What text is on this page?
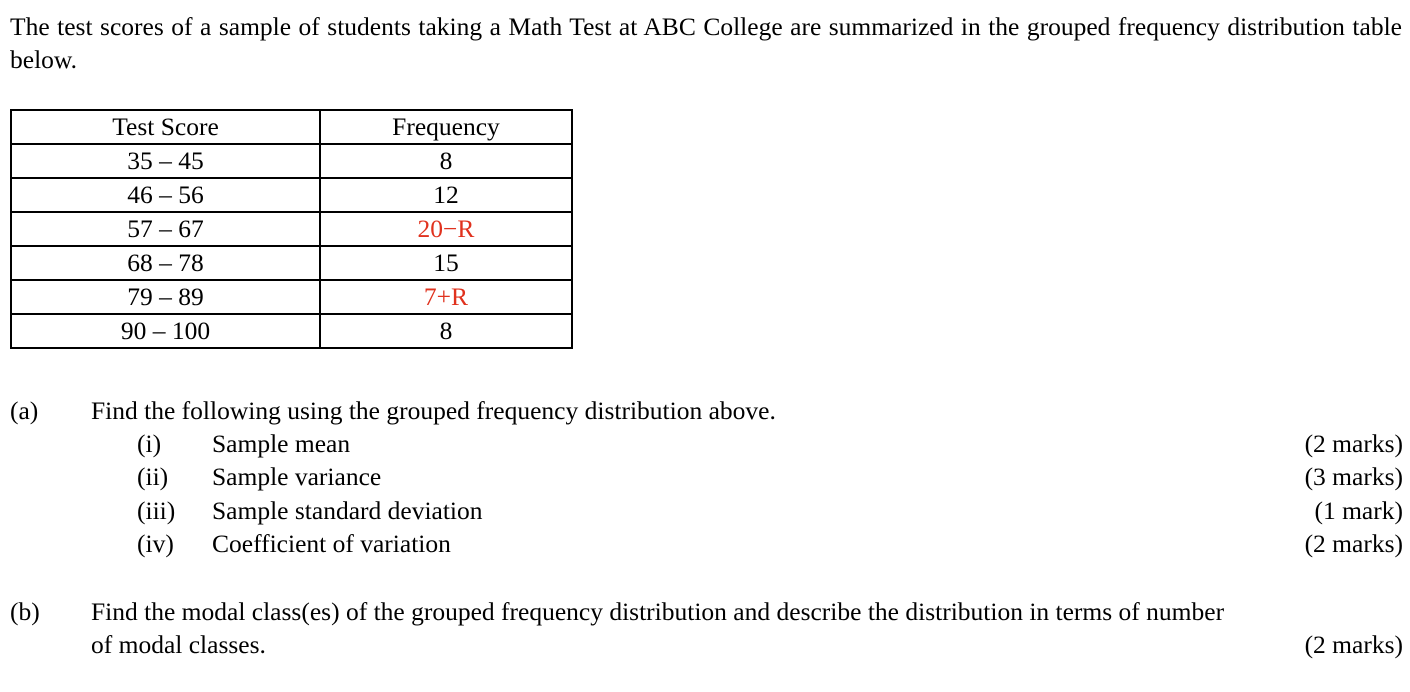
The test scores of a sample of students taking a Math Test at ABC College are summarized in the grouped frequency distribution table below.

Test Score	Frequency
35 – 45	8
46 – 56	12
57 – 67	20−R
68 – 78	15
79 – 89	7+R
90 – 100	8
(a) Find the following using the grouped frequency distribution above.
(i) Sample mean	(2 marks)
(ii) Sample variance	(3 marks)
(iii) Sample standard deviation	(1 mark)
(iv) Coefficient of variation	(2 marks)
(b) Find the modal class(es) of the grouped frequency distribution and describe the distribution in terms of number
of modal classes.	(2 marks)
